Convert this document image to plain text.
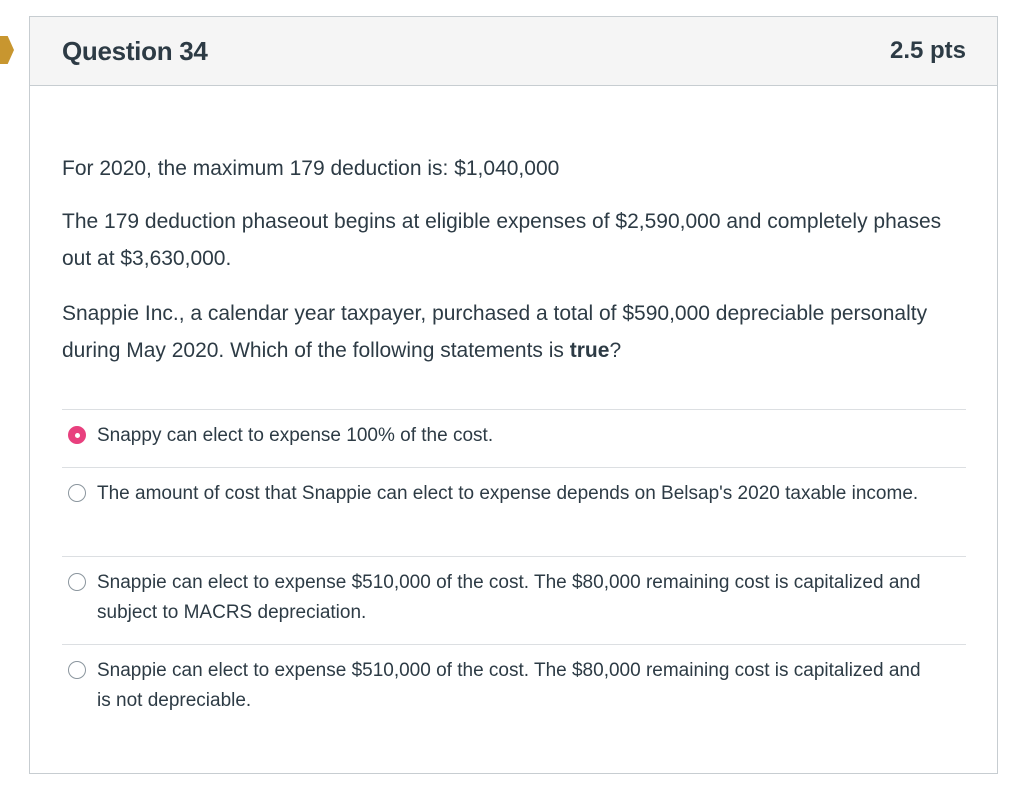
Question 34	2.5 pts

For 2020, the maximum 179 deduction is: $1,040,000

The 179 deduction phaseout begins at eligible expenses of $2,590,000 and completely phases out at $3,630,000.

Snappie Inc., a calendar year taxpayer, purchased a total of $590,000 depreciable personalty during May 2020. Which of the following statements is true?

Snappy can elect to expense 100% of the cost.
The amount of cost that Snappie can elect to expense depends on Belsap's 2020 taxable income.
Snappie can elect to expense $510,000 of the cost. The $80,000 remaining cost is capitalized and subject to MACRS depreciation.
Snappie can elect to expense $510,000 of the cost. The $80,000 remaining cost is capitalized and is not depreciable.
